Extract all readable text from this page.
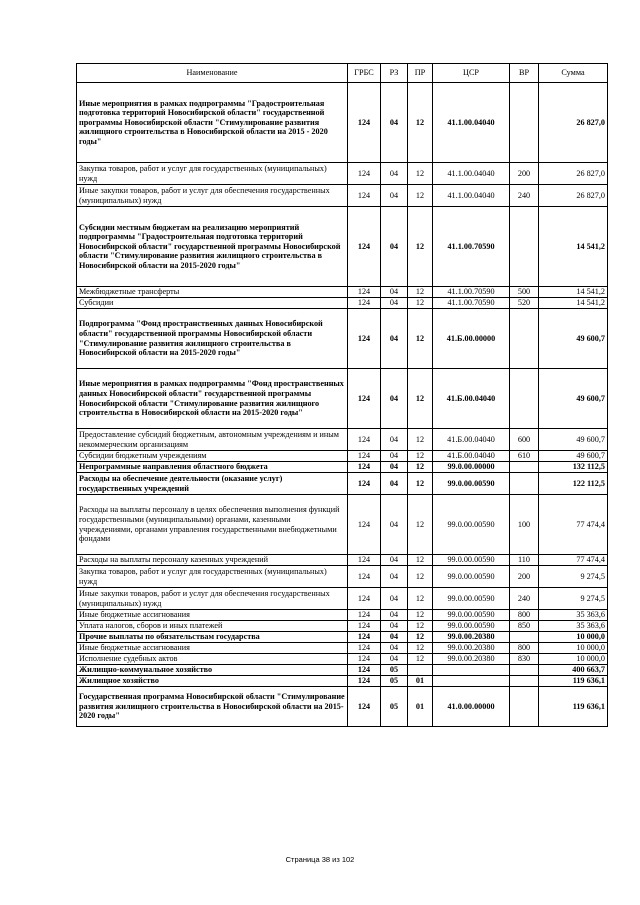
Наименование	ГРБС	РЗ	ПР	ЦСР	ВР	Сумма
Иные мероприятия в рамках подпрограммы "Градостроительная подготовка территорий Новосибирской области" государственной программы Новосибирской области "Стимулирование развития жилищного строительства в Новосибирской области на 2015 - 2020 годы"	124	04	12	41.1.00.04040		26 827,0
Закупка товаров, работ и услуг для государственных (муниципальных) нужд	124	04	12	41.1.00.04040	200	26 827,0
Иные закупки товаров, работ и услуг для обеспечения государственных (муниципальных) нужд	124	04	12	41.1.00.04040	240	26 827,0
Субсидии местным бюджетам на реализацию мероприятий подпрограммы "Градостроительная подготовка территорий Новосибирской области" государственной программы Новосибирской области "Стимулирование развития жилищного строительства в Новосибирской области на 2015-2020 годы"	124	04	12	41.1.00.70590		14 541,2
Межбюджетные трансферты	124	04	12	41.1.00.70590	500	14 541,2
Субсидии	124	04	12	41.1.00.70590	520	14 541,2
Подпрограмма "Фонд пространственных данных Новосибирской области" государственной программы Новосибирской области "Стимулирование развития жилищного строительства в Новосибирской области на 2015-2020 годы"	124	04	12	41.Б.00.00000		49 600,7
Иные мероприятия в рамках подпрограммы "Фонд пространственных данных Новосибирской области" государственной программы Новосибирской области "Стимулирование развития жилищного строительства в Новосибирской области на 2015-2020 годы"	124	04	12	41.Б.00.04040		49 600,7
Предоставление субсидий бюджетным, автономным учреждениям и иным некоммерческим организациям	124	04	12	41.Б.00.04040	600	49 600,7
Субсидии бюджетным учреждениям	124	04	12	41.Б.00.04040	610	49 600,7
Непрограммные направления областного бюджета	124	04	12	99.0.00.00000		132 112,5
Расходы на обеспечение деятельности (оказание услуг) государственных учреждений	124	04	12	99.0.00.00590		122 112,5
Расходы на выплаты персоналу в целях обеспечения выполнения функций государственными (муниципальными) органами, казенными учреждениями, органами управления государственными внебюджетными фондами	124	04	12	99.0.00.00590	100	77 474,4
Расходы на выплаты персоналу казенных учреждений	124	04	12	99.0.00.00590	110	77 474,4
Закупка товаров, работ и услуг для государственных (муниципальных) нужд	124	04	12	99.0.00.00590	200	9 274,5
Иные закупки товаров, работ и услуг для обеспечения государственных (муниципальных) нужд	124	04	12	99.0.00.00590	240	9 274,5
Иные бюджетные ассигнования	124	04	12	99.0.00.00590	800	35 363,6
Уплата налогов, сборов и иных платежей	124	04	12	99.0.00.00590	850	35 363,6
Прочие выплаты по обязательствам государства	124	04	12	99.0.00.20380		10 000,0
Иные бюджетные ассигнования	124	04	12	99.0.00.20380	800	10 000,0
Исполнение судебных актов	124	04	12	99.0.00.20380	830	10 000,0
Жилищно-коммунальное хозяйство	124	05				400 663,7
Жилищное хозяйство	124	05	01			119 636,1
Государственная программа Новосибирской области "Стимулирование развития жилищного строительства в Новосибирской области на 2015-2020 годы"	124	05	01	41.0.00.00000		119 636,1
Страница 38 из 102
